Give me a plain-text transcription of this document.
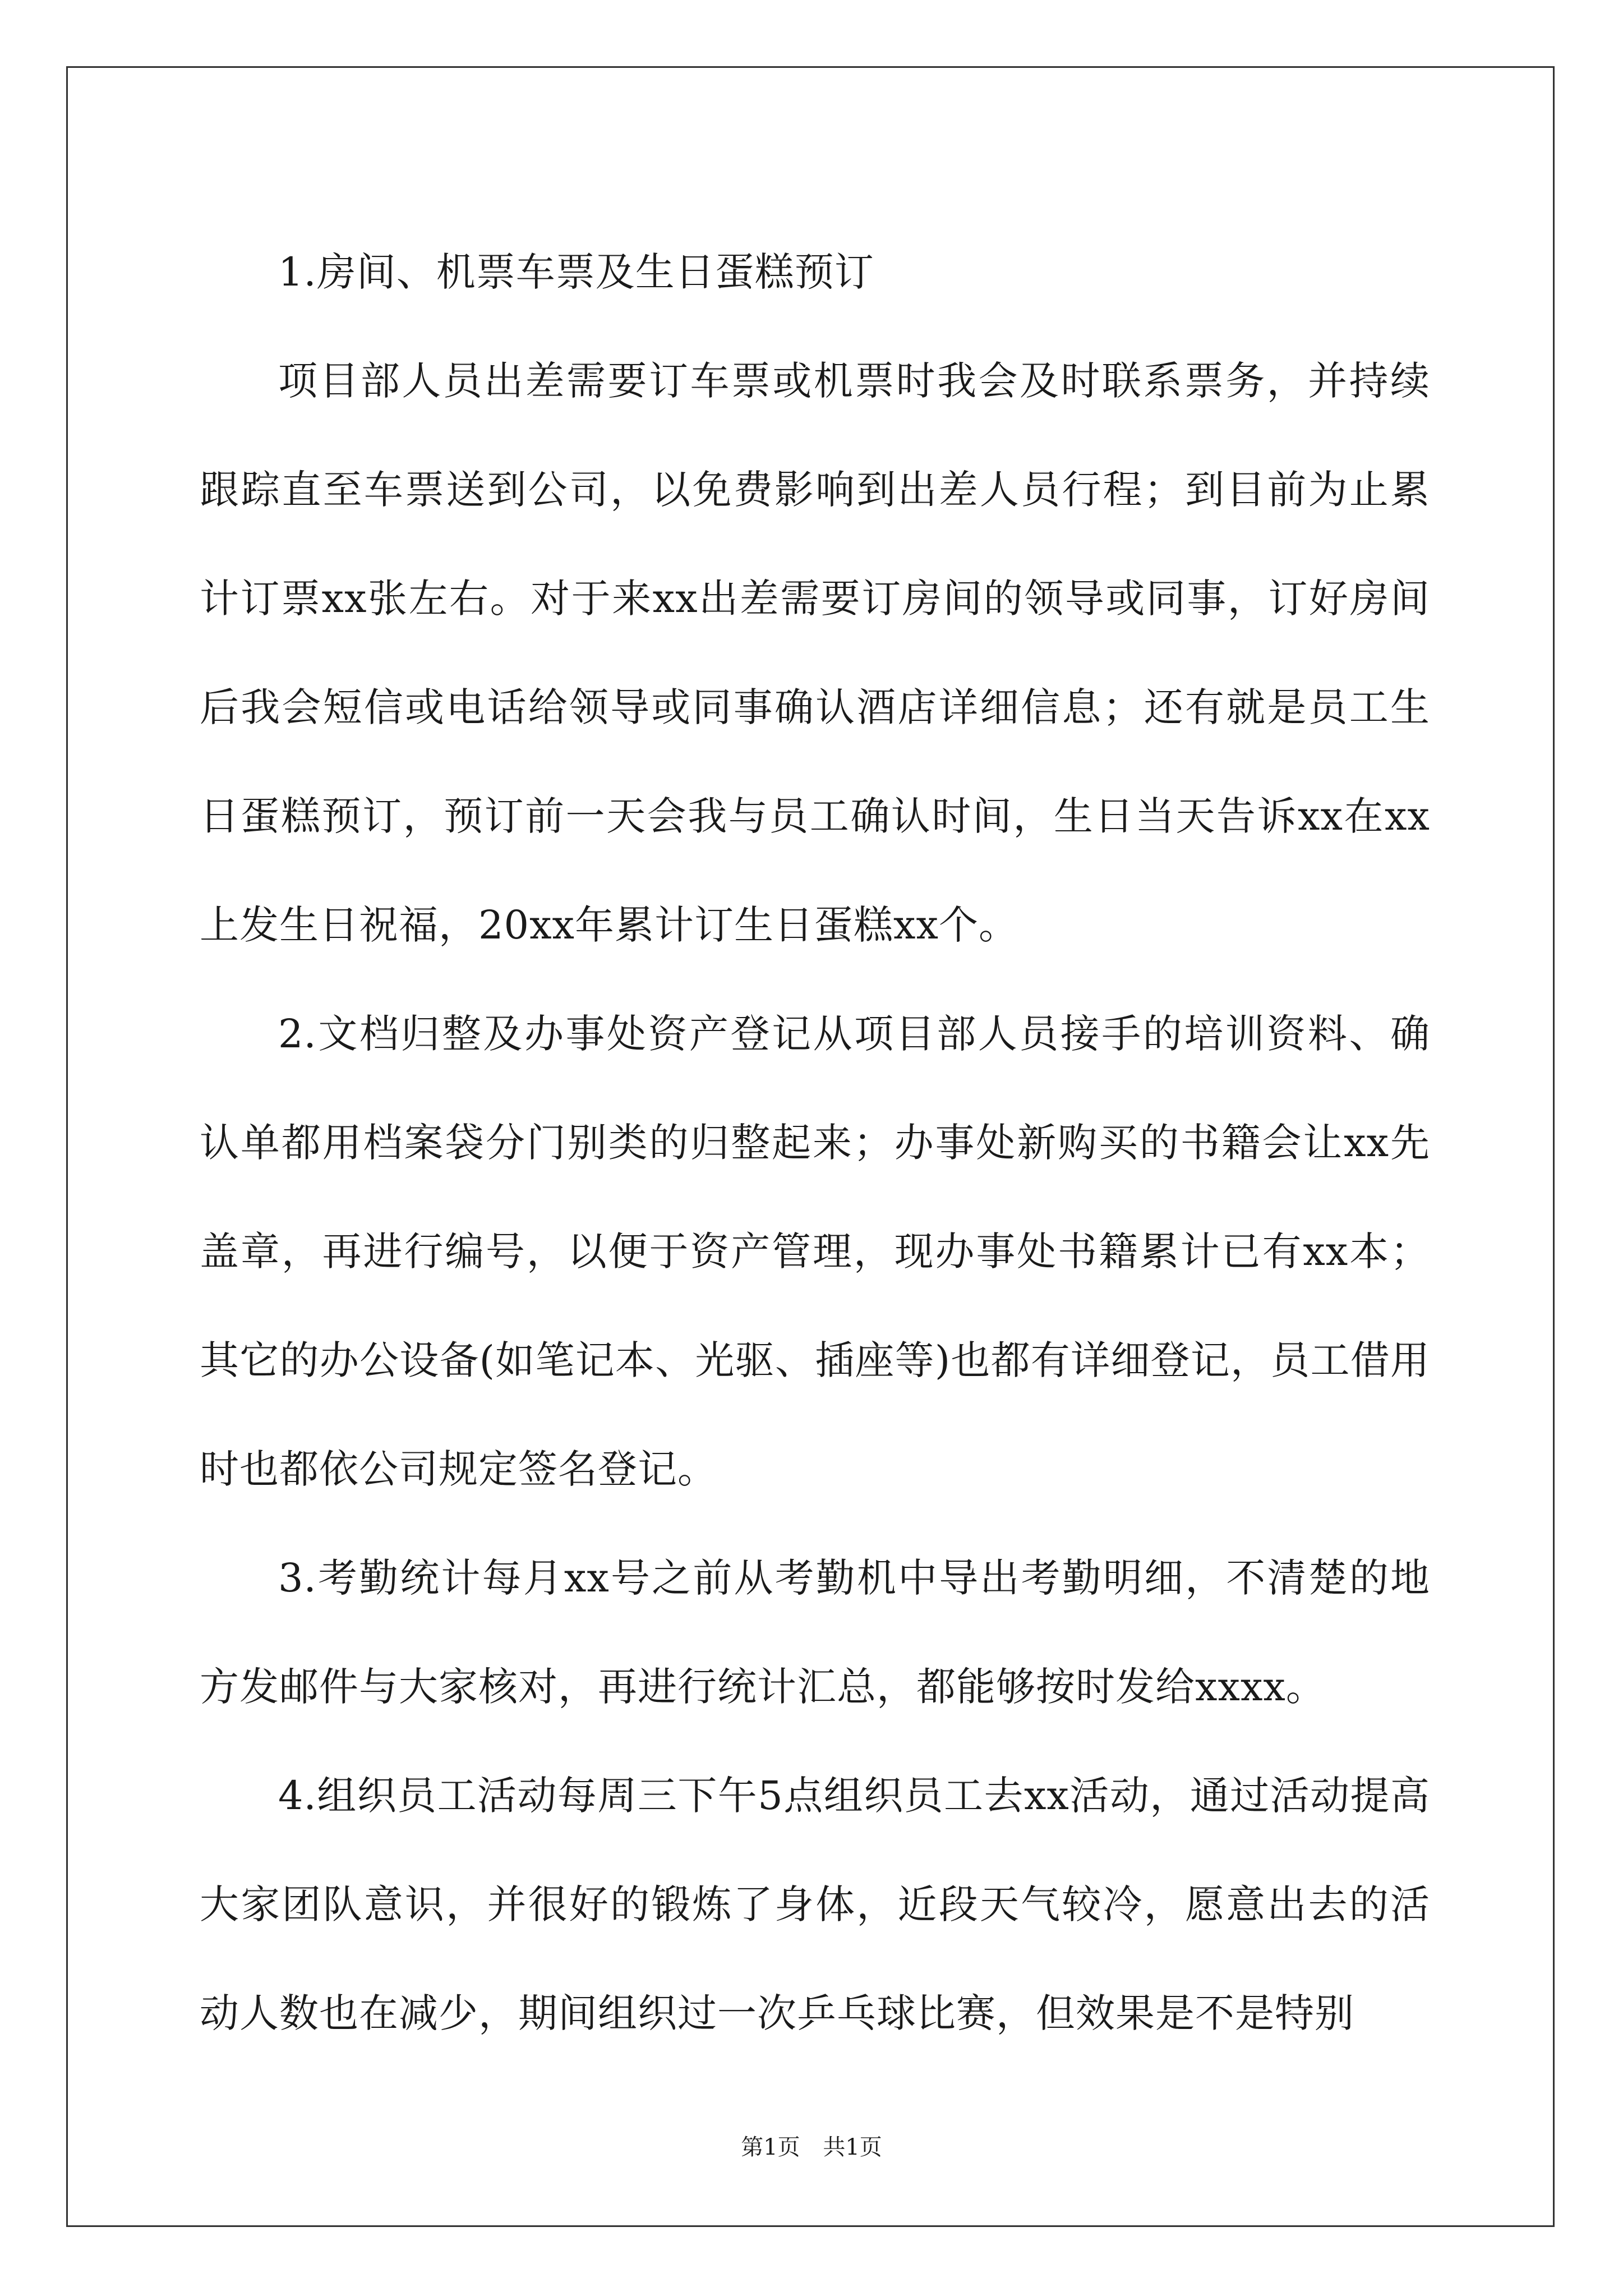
1.房间、机票车票及生日蛋糕预订

项目部人员出差需要订车票或机票时我会及时联系票务，并持续跟踪直至车票送到公司，以免费影响到出差人员行程；到目前为止累计订票xx张左右。对于来xx出差需要订房间的领导或同事，订好房间后我会短信或电话给领导或同事确认酒店详细信息；还有就是员工生日蛋糕预订，预订前一天会我与员工确认时间，生日当天告诉xx在xx上发生日祝福，20xx年累计订生日蛋糕xx个。

2.文档归整及办事处资产登记从项目部人员接手的培训资料、确认单都用档案袋分门别类的归整起来；办事处新购买的书籍会让xx先盖章，再进行编号，以便于资产管理，现办事处书籍累计已有xx本；其它的办公设备(如笔记本、光驱、插座等)也都有详细登记，员工借用时也都依公司规定签名登记。

3.考勤统计每月xx号之前从考勤机中导出考勤明细，不清楚的地方发邮件与大家核对，再进行统计汇总，都能够按时发给xxxx。

4.组织员工活动每周三下午5点组织员工去xx活动，通过活动提高大家团队意识，并很好的锻炼了身体，近段天气较冷，愿意出去的活动人数也在减少，期间组织过一次乒乓球比赛，但效果是不是特别

第1页 共1页
